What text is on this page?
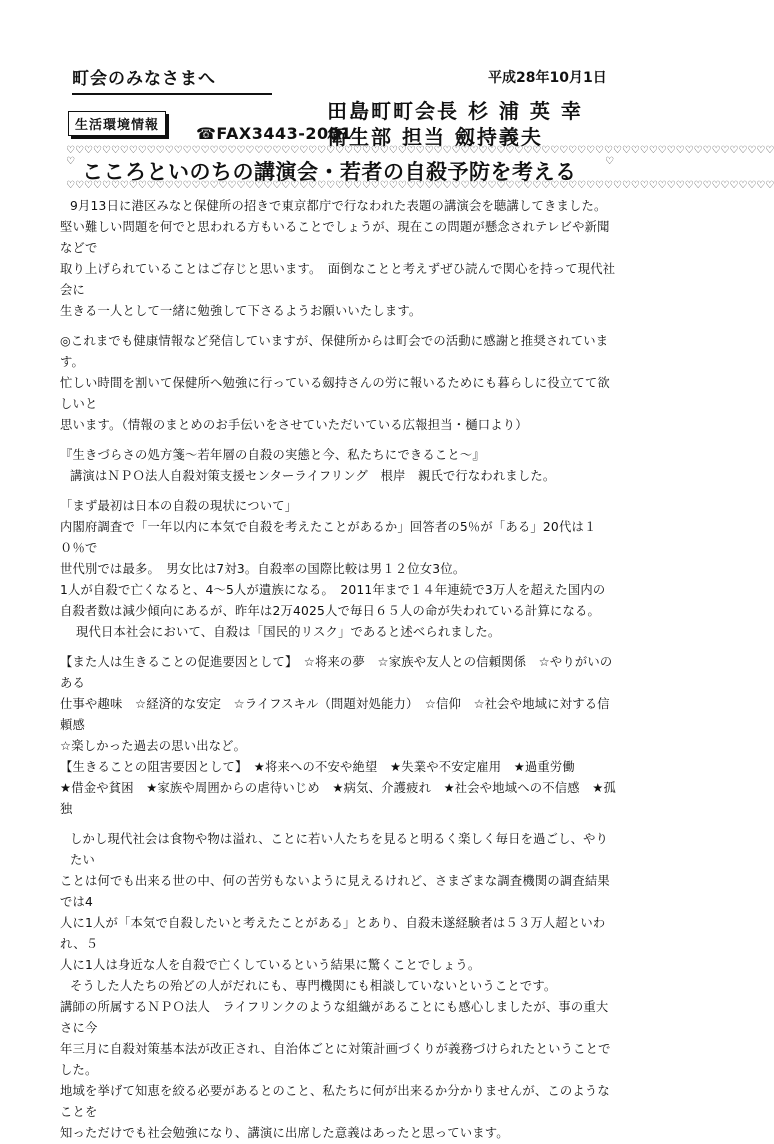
町会のみなさまへ	平成28年10月1日
生活環境情報	☎FAX3443-2001
田島町町会長 杉 浦 英 幸
衛生部 担当 劔持義夫
♡♡♡♡♡♡♡♡♡♡♡♡♡♡♡♡♡♡♡♡♡♡♡♡♡♡♡♡♡♡♡♡♡♡♡♡♡♡♡♡♡♡♡♡♡♡♡♡♡♡♡♡♡♡♡♡♡♡♡♡♡♡♡♡♡♡♡♡♡♡♡♡♡♡♡♡♡♡♡
♡ こころといのちの講演会・若者の自殺予防を考える	♡
♡♡♡♡♡♡♡♡♡♡♡♡♡♡♡♡♡♡♡♡♡♡♡♡♡♡♡♡♡♡♡♡♡♡♡♡♡♡♡♡♡♡♡♡♡♡♡♡♡♡♡♡♡♡♡♡♡♡♡♡♡♡♡♡♡♡♡♡♡♡♡♡♡♡♡♡♡♡♡

9月13日に港区みなと保健所の招きで東京都庁で行なわれた表題の講演会を聴講してきました。

堅い難しい問題を何でと思われる方もいることでしょうが、現在この問題が懸念されテレビや新聞などで

取り上げられていることはご存じと思います。　面倒なことと考えずぜひ読んで関心を持って現代社会に

生きる一人として一緒に勉強して下さるようお願いいたします。

◎これまでも健康情報など発信していますが、保健所からは町会での活動に感謝と推奨されています。

忙しい時間を割いて保健所へ勉強に行っている劔持さんの労に報いるためにも暮らしに役立てて欲しいと

思います。（情報のまとめのお手伝いをさせていただいている広報担当・樋口より）

『生きづらさの処方箋～若年層の自殺の実態と今、私たちにできること～』

講演はＮＰＯ法人自殺対策支援センターライフリング　根岸　親氏で行なわれました。

「まず最初は日本の自殺の現状について」

内閣府調査で「一年以内に本気で自殺を考えたことがあるか」回答者の5％が「ある」20代は１０％で

世代別では最多。　男女比は7対3。自殺率の国際比較は男１２位女3位。

1人が自殺で亡くなると、4～5人が遺族になる。　2011年まで１４年連続で3万人を超えた国内の

自殺者数は減少傾向にあるが、昨年は2万4025人で毎日６５人の命が失われている計算になる。

現代日本社会において、自殺は「国民的リスク」であると述べられました。

【また人は生きることの促進要因として】　☆将来の夢　☆家族や友人との信頼関係　☆やりがいのある

仕事や趣味　☆経済的な安定　☆ライフスキル（問題対処能力）　☆信仰　☆社会や地域に対する信頼感

☆楽しかった過去の思い出など。

【生きることの阻害要因として】　★将来への不安や絶望　★失業や不安定雇用　★過重労働

★借金や貧困　★家族や周囲からの虐待いじめ　★病気、介護疲れ　★社会や地域への不信感　★孤独

しかし現代社会は食物や物は溢れ、ことに若い人たちを見ると明るく楽しく毎日を過ごし、やりたい

ことは何でも出来る世の中、何の苦労もないように見えるけれど、さまざまな調査機関の調査結果では4

人に1人が「本気で自殺したいと考えたことがある」とあり、自殺未遂経験者は５３万人超といわれ、５

人に1人は身近な人を自殺で亡くしているという結果に驚くことでしょう。

そうした人たちの殆どの人がだれにも、専門機関にも相談していないということです。

講師の所属するＮＰＯ法人　ライフリンクのような組織があることにも感心しましたが、事の重大さに今

年三月に自殺対策基本法が改正され、自治体ごとに対策計画づくりが義務づけられたということでした。

地域を挙げて知恵を絞る必要があるとのこと、私たちに何が出来るか分かりませんが、このようなことを

知っただけでも社会勉強になり、講演に出席した意義はあったと思っています。
